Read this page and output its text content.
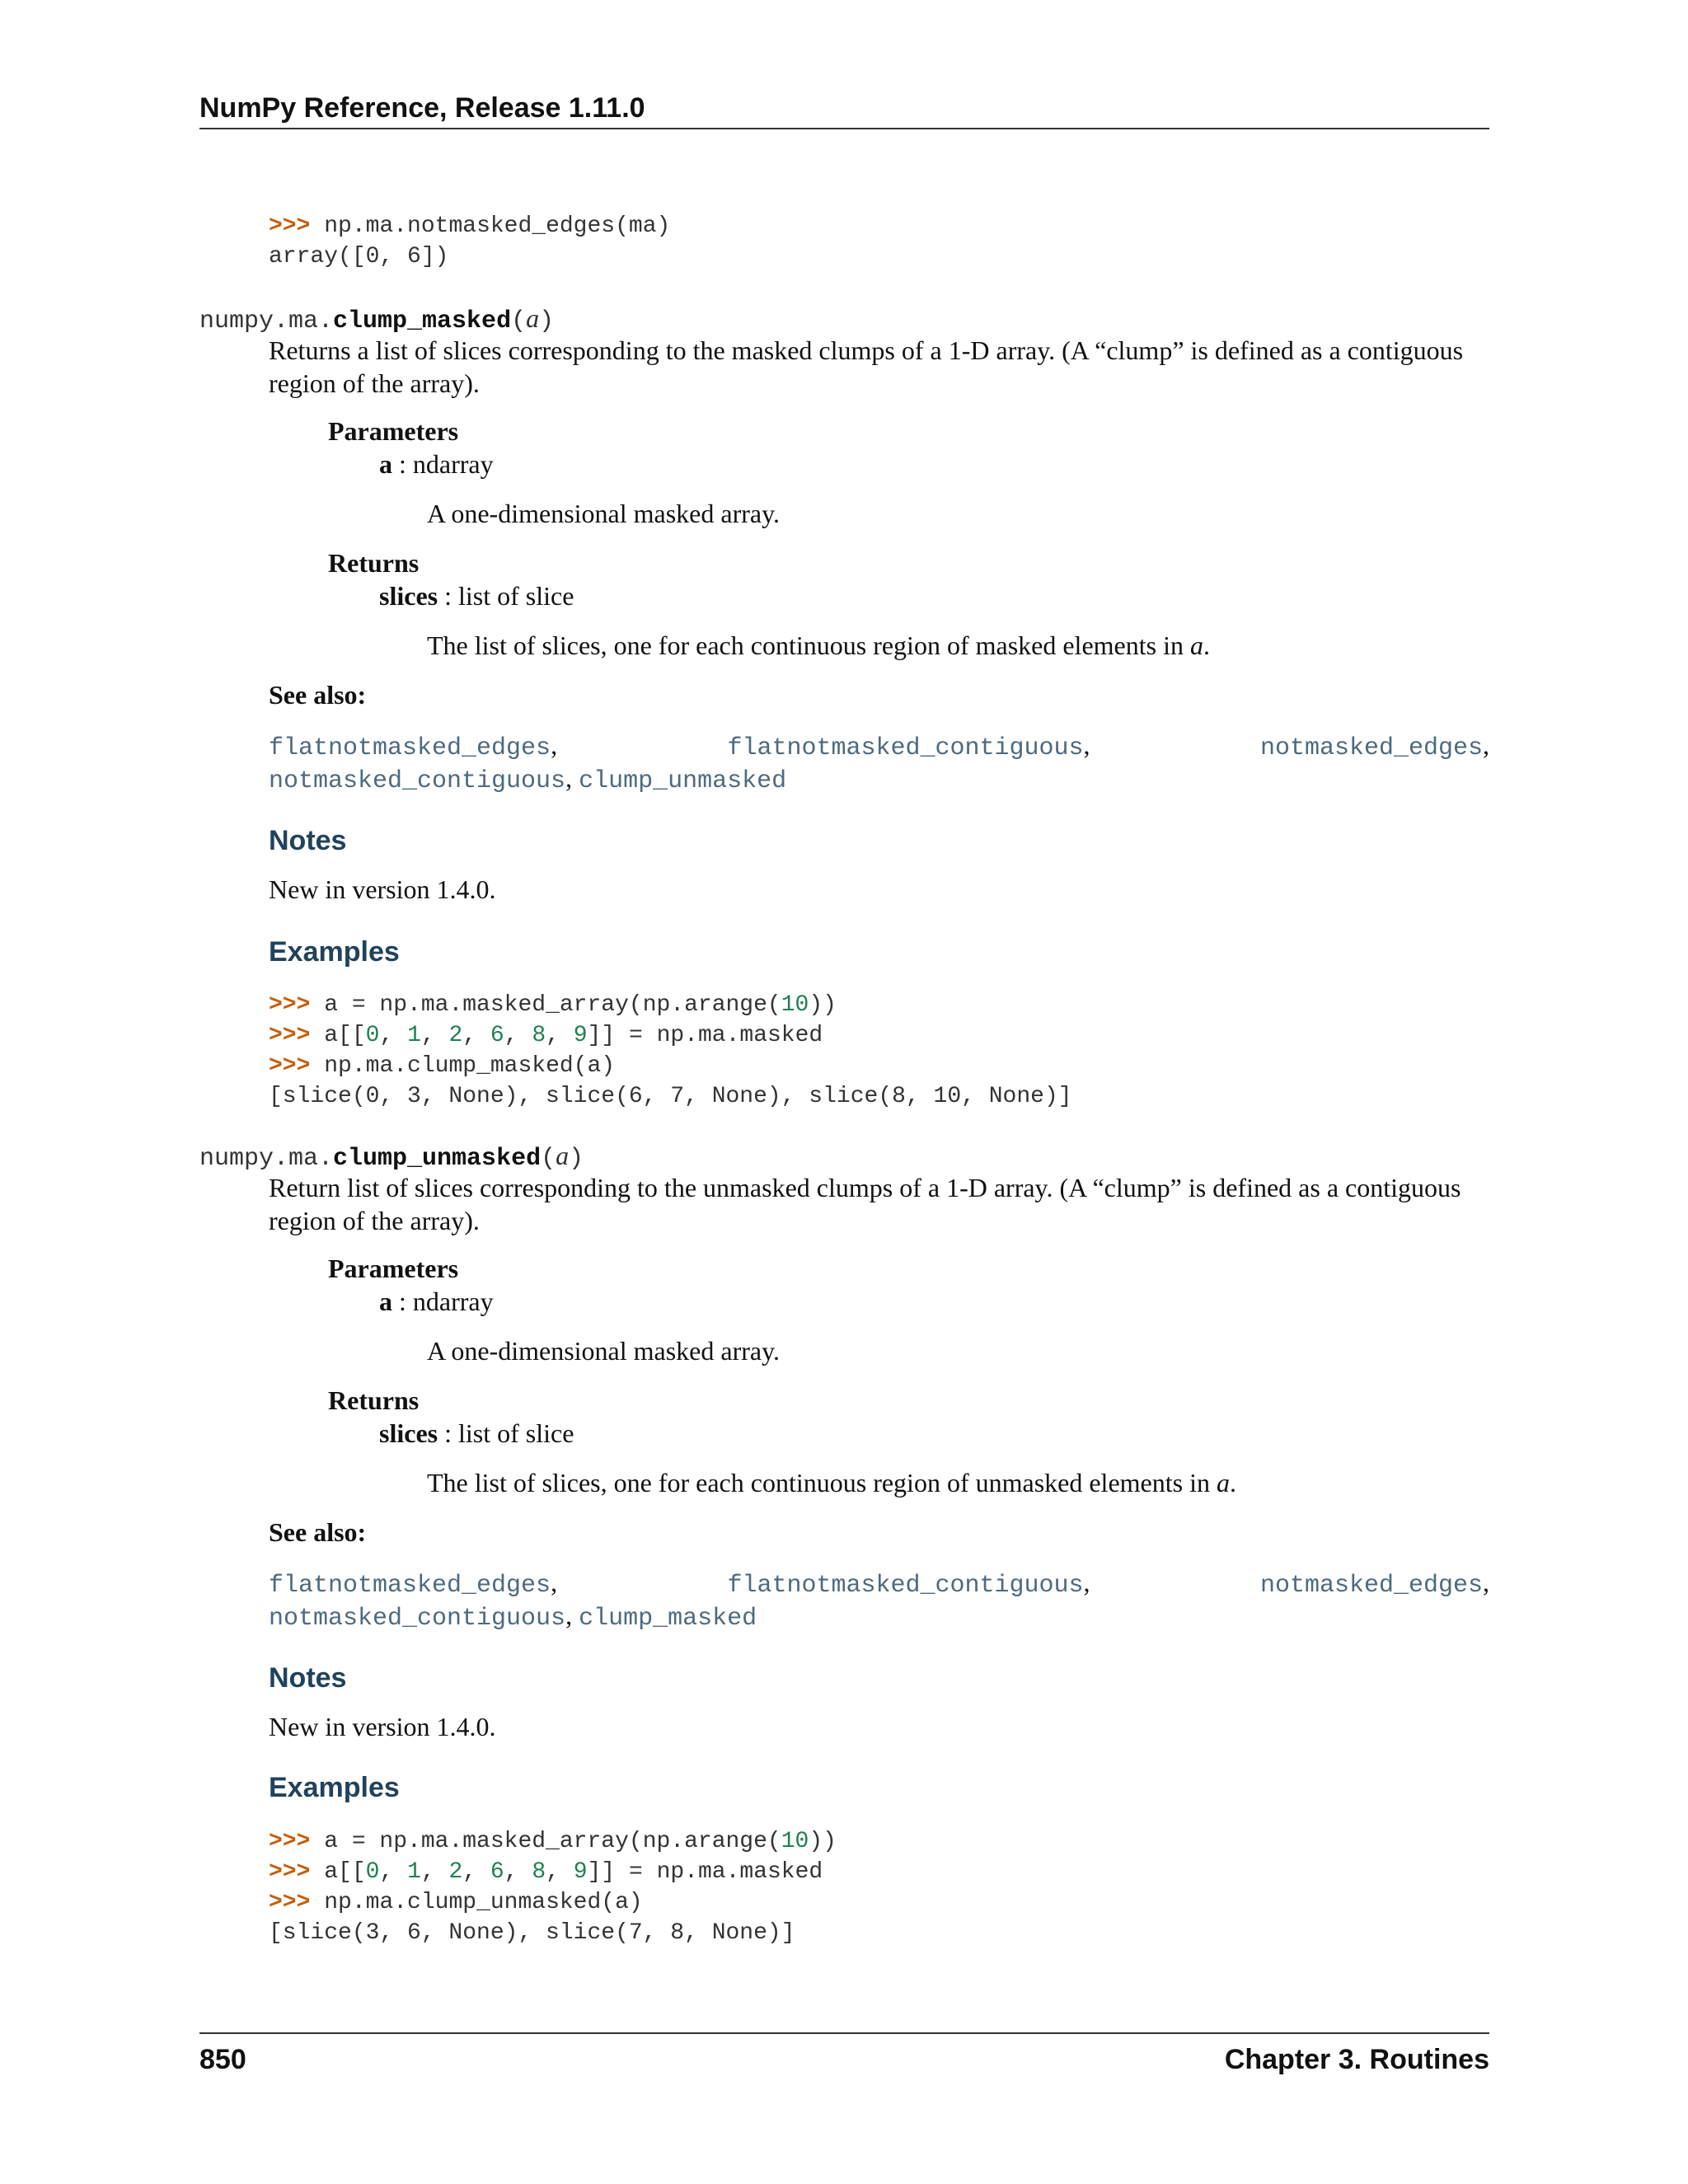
NumPy Reference, Release 1.11.0
>>> np.ma.notmasked_edges(ma)
array([0, 6])
numpy.ma.clump_masked(a)
Returns a list of slices corresponding to the masked clumps of a 1-D array. (A “clump” is defined as a contiguous region of the array).
Parameters
a : ndarray
A one-dimensional masked array.
Returns
slices : list of slice
The list of slices, one for each continuous region of masked elements in a.
See also:
flatnotmasked_edges,	flatnotmasked_contiguous,	notmasked_edges,
notmasked_contiguous, clump_unmasked
Notes
New in version 1.4.0.
Examples
>>> a = np.ma.masked_array(np.arange(10))
>>> a[[0, 1, 2, 6, 8, 9]] = np.ma.masked
>>> np.ma.clump_masked(a)
[slice(0, 3, None), slice(6, 7, None), slice(8, 10, None)]
numpy.ma.clump_unmasked(a)
Return list of slices corresponding to the unmasked clumps of a 1-D array. (A “clump” is defined as a contiguous region of the array).
Parameters
a : ndarray
A one-dimensional masked array.
Returns
slices : list of slice
The list of slices, one for each continuous region of unmasked elements in a.
See also:
flatnotmasked_edges,	flatnotmasked_contiguous,	notmasked_edges,
notmasked_contiguous, clump_masked
Notes
New in version 1.4.0.
Examples
>>> a = np.ma.masked_array(np.arange(10))
>>> a[[0, 1, 2, 6, 8, 9]] = np.ma.masked
>>> np.ma.clump_unmasked(a)
[slice(3, 6, None), slice(7, 8, None)]
850	Chapter 3. Routines
